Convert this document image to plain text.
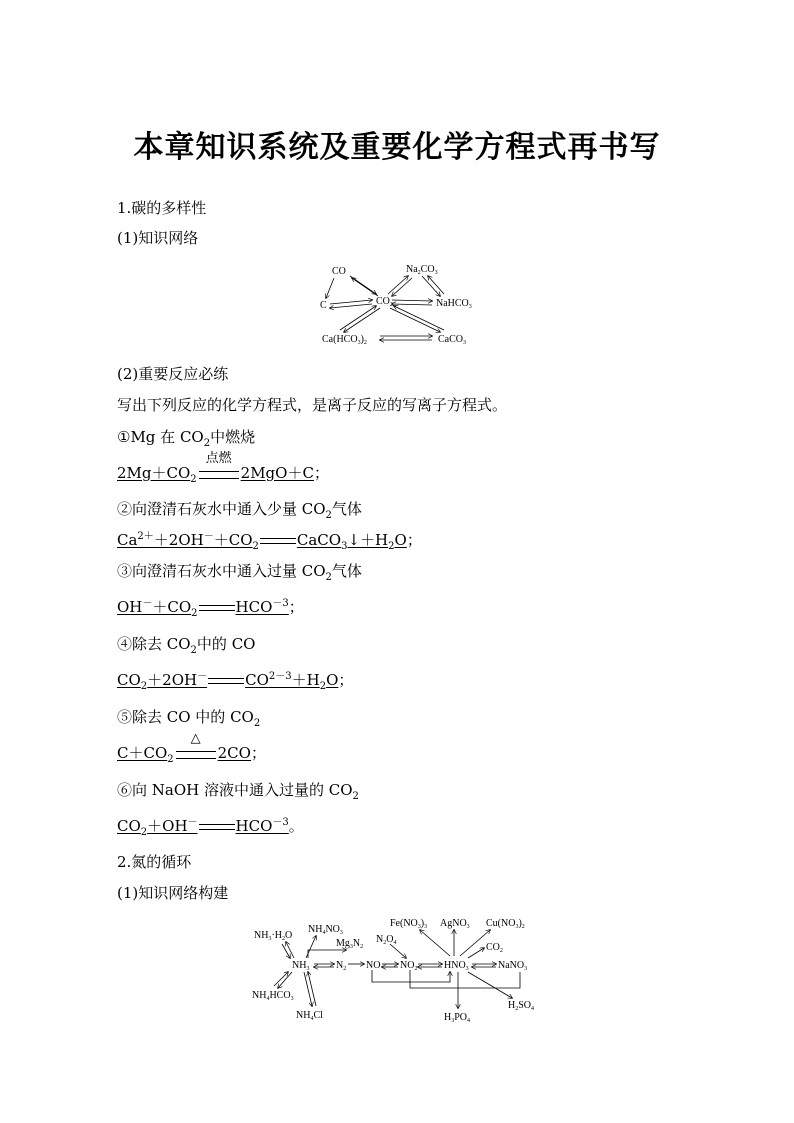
本章知识系统及重要化学方程式再书写
1.碳的多样性
(1)知识网络
CO	$Na_2CO_3$
C	$CO_2$	NaHCO$_3$
$Ca(HCO_3)_2$	CaCO$_3$
(2)重要反应必练
写出下列反应的化学方程式，是离子反应的写离子方程式。
①Mg 在 $CO_2$中燃烧
$2Mg+CO_2$
点燃
2MgO＋C；
②向澄清石灰水中通入少量 $CO_2$气体
$Ca^{2+}+2OH^-+CO_2$	$CaCO_3↓+H_2O$；
③向澄清石灰水中通入过量 $CO_2$气体
$OH^-+CO_2$	$HCO^{-3}$；
④除去 $CO_2$中的 CO
$CO_2+2OH^-$	$CO^{2-3}+H_2O$；
⑤除去 CO 中的 $CO_2$
$C+CO_2$
△
2CO；
⑥向 NaOH 溶液中通入过量的 $CO_2$
$CO_2+OH^-$	$HCO^{-3}$。
2.氮的循环
(1)知识网络构建
$NH_3\cdot H_2O$
$NH_4NO_3$
$Mg_3N_2$
$N_2O_4$
$Fe(NO_3)_3$ AgNO$_3$ $Cu(NO_3)_2$
$CO_2$
$NH_3$	$N_2$ NO $NO_2$	$HNO_3$	NaNO$_3$
$NH_4HCO_3$
$NH_4Cl$	$H_3PO_4$
$H_2SO_4$
